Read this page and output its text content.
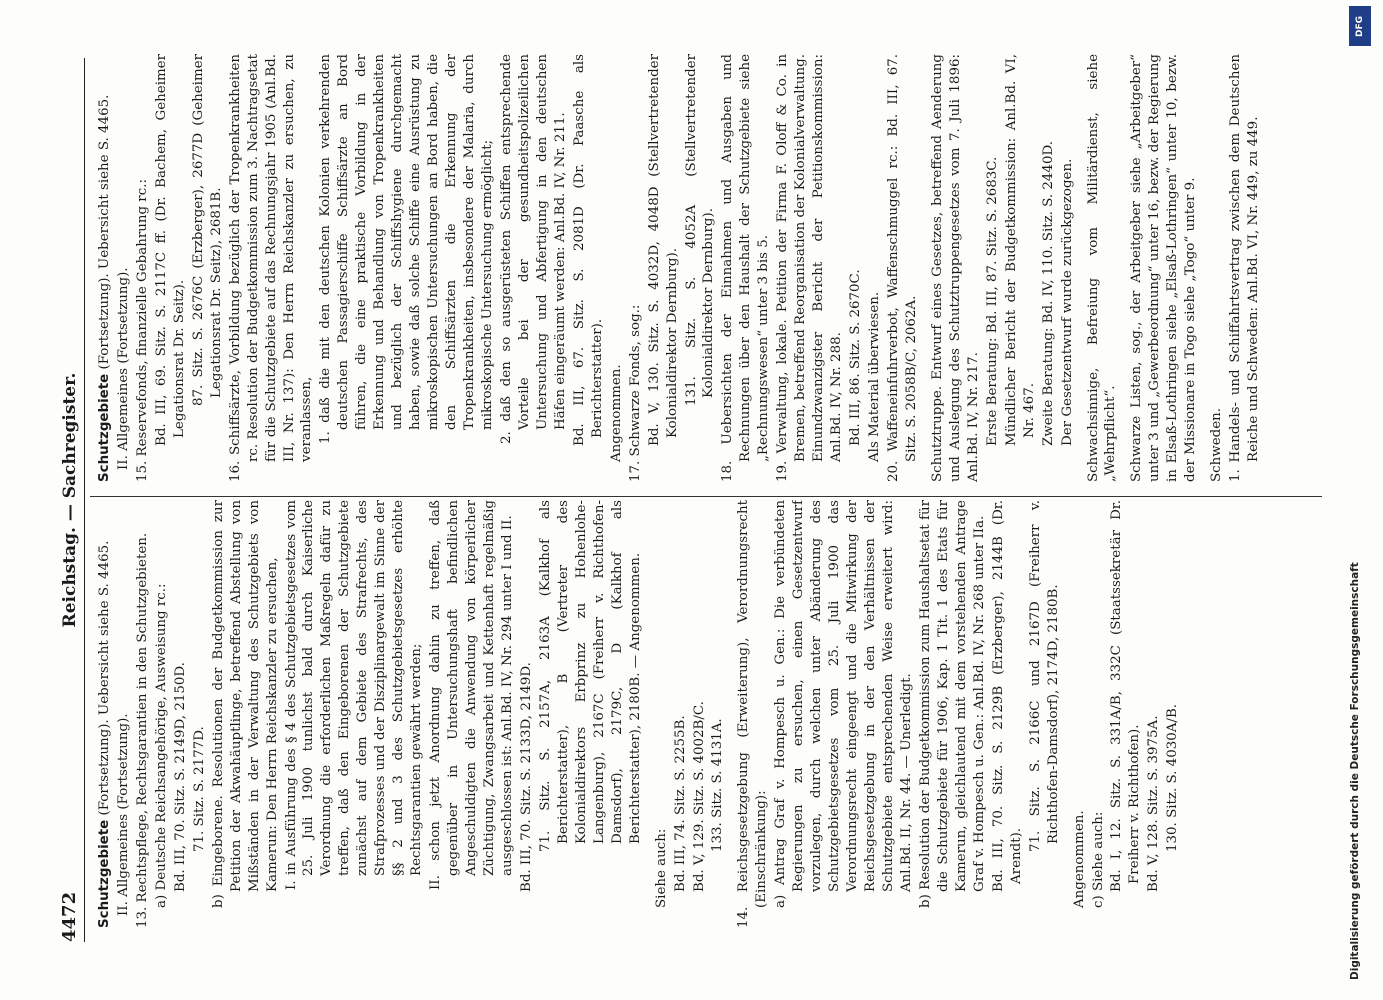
4472
Reichstag. — Sachregister.

Schutzgebiete (Fortsetzung). Uebersicht siehe S. 4465. II. Allgemeines (Fortsetzung). 13. Rechtspflege, Rechtsgarantien in den Schutzgebieten. a) Deutsche Reichsangehörige, Ausweisung rc.: Bd. III, 70. Sitz. S. 2149D, 2150D. 71. Sitz. S. 2177D. b) Eingeborene. Resolutionen der Budgetkommission zur Petition der Akwahäuptlinge, betreffend Abstellung von Mißständen in der Verwaltung des Schutzgebiets von Kamerun: Den Herrn Reichskanzler zu ersuchen, I. in Ausführung des § 4 des Schutzgebietsgesetzes vom 25. Juli 1900 tunlichst bald durch Kaiserliche Verordnung die erforderlichen Maßregeln dafür zu treffen, daß den Eingeborenen der Schutzgebiete zunächst auf dem Gebiete des Strafrechts, des Strafprozesses und der Disziplinargewalt im Sinne der §§ 2 und 3 des Schutzgebietsgesetzes erhöhte Rechtsgarantien gewährt werden; II. schon jetzt Anordnung dahin zu treffen, daß gegenüber in Untersuchungshaft befindlichen Angeschuldigten die Anwendung von körperlicher Züchtigung, Zwangsarbeit und Kettenhaft regelmäßig ausgeschlossen ist: Anl.Bd. IV, Nr. 294 unter I und II. Bd. III, 70. Sitz. S. 2133D, 2149D. 71. Sitz. S. 2157A, 2163A (Kalkhof als Berichterstatter), B (Vertreter des Kolonialdirektors Erbprinz zu Hohenlohe-Langenburg), 2167C (Freiherr v. Richthofen-Damsdorf), 2179C, D (Kalkhof als Berichterstatter), 2180B. — Angenommen.

Siehe auch: Bd. III, 74. Sitz. S. 2255B. Bd. V, 129. Sitz. S. 4002B/C. 133. Sitz. S. 4131A. 14. Reichsgesetzgebung (Erweiterung), Verordnungsrecht (Einschränkung): a) Antrag Graf v. Hompesch u. Gen.: Die verbündeten Regierungen zu ersuchen, einen Gesetzentwurf vorzulegen, durch welchen unter Abänderung des Schutzgebietsgesetzes vom 25. Juli 1900 das Verordnungsrecht eingeengt und die Mitwirkung der Reichsgesetzgebung in der den Verhältnissen der Schutzgebiete entsprechenden Weise erweitert wird: Anl.Bd. II, Nr. 44. — Unerledigt. b) Resolution der Budgetkommission zum Haushaltsetat für die Schutzgebiete für 1906, Kap. 1 Tit. 1 des Etats für Kamerun, gleichlautend mit dem vorstehenden Antrage Graf v. Hompesch u. Gen.: Anl.Bd. IV, Nr. 268 unter IIa. Bd. III, 70. Sitz. S. 2129B (Erzberger), 2144B (Dr. Arendt).

71. Sitz. S. 2166C und 2167D (Freiherr v. Richthofen-Damsdorf), 2174D, 2180B.

Angenommen. c) Siehe auch: Bd. I, 12. Sitz. S. 331A/B, 332C (Staatssekretär Dr. Freiherr v. Richthofen). Bd. V, 128. Sitz. S. 3975A. 130. Sitz. S. 4030A/B.

Schutzgebiete (Fortsetzung). Uebersicht siehe S. 4465. II. Allgemeines (Fortsetzung). 15. Reservefonds, finanzielle Gebahrung rc.: Bd. III, 69. Sitz. S. 2117C ff. (Dr. Bachem, Geheimer Legationsrat Dr. Seitz). 87. Sitz. S. 2676C (Erzberger), 2677D (Geheimer Legationsrat Dr. Seitz), 2681B. 16. Schiffsärzte, Vorbildung bezüglich der Tropenkrankheiten rc. Resolution der Budgetkommission zum 3. Nachtragsetat für die Schutzgebiete auf das Rechnungsjahr 1905 (Anl.Bd. III, Nr. 137): Den Herrn Reichskanzler zu ersuchen, zu veranlassen, 1. daß die mit den deutschen Kolonien verkehrenden deutschen Passagierschiffe Schiffsärzte an Bord führen, die eine praktische Vorbildung in der Erkennung und Behandlung von Tropenkrankheiten und bezüglich der Schiffshygiene durchgemacht haben, sowie daß solche Schiffe eine Ausrüstung zu mikroskopischen Untersuchungen an Bord haben, die den Schiffsärzten die Erkennung der Tropenkrankheiten, insbesondere der Malaria, durch mikroskopische Untersuchung ermöglicht; 2. daß den so ausgerüsteten Schiffen entsprechende Vorteile bei der gesundheitspolizeilichen Untersuchung und Abfertigung in den deutschen Häfen eingeräumt werden: Anl.Bd. IV, Nr. 211. Bd. III, 67. Sitz. S. 2081D (Dr. Paasche als Berichterstatter). Angenommen. 17. Schwarze Fonds, sog.: Bd. V, 130. Sitz. S. 4032D, 4048D (Stellvertretender Kolonialdirektor Dernburg). 131. Sitz. S. 4052A (Stellvertretender Kolonialdirektor Dernburg). 18. Uebersichten der Einnahmen und Ausgaben und Rechnungen über den Haushalt der Schutzgebiete siehe „Rechnungswesen“ unter 3 bis 5. 19. Verwaltung, lokale. Petition der Firma F. Oloff & Co. in Bremen, betreffend Reorganisation der Kolonialverwaltung. Einundzwanzigster Bericht der Petitionskommission: Anl.Bd. IV, Nr. 288. Bd. III, 86. Sitz. S. 2670C. Als Material überwiesen. 20. Waffeneinfuhrverbot, Waffenschmuggel rc.: Bd. III, 67. Sitz. S. 2058B/C, 2062A. Schutztruppe. Entwurf eines Gesetzes, betreffend Aenderung und Auslegung des Schutztruppengesetzes vom 7. Juli 1896: Anl.Bd. IV, Nr. 217. Erste Beratung: Bd. III, 87. Sitz. S. 2683C. Mündlicher Bericht der Budgetkommission: Anl.Bd. VI, Nr. 467. Zweite Beratung: Bd. IV, 110. Sitz. S. 2440D. Der Gesetzentwurf wurde zurückgezogen. Schwachsinnige, Befreiung vom Militärdienst, siehe „Wehrpflicht“. Schwarze Listen, sog., der Arbeitgeber siehe „Arbeitgeber“ unter 3 und „Gewerbeordnung“ unter 16, bezw. der Regierung in Elsaß-Lothringen siehe „Elsaß-Lothringen“ unter 10, bezw. der Missionare in Togo siehe „Togo“ unter 9. Schweden. 1. Handels- und Schiffahrtsvertrag zwischen dem Deutschen Reiche und Schweden: Anl.Bd. VI, Nr. 449, zu 449.

DFG
Digitalisierung gefördert durch die Deutsche Forschungsgemeinschaft
